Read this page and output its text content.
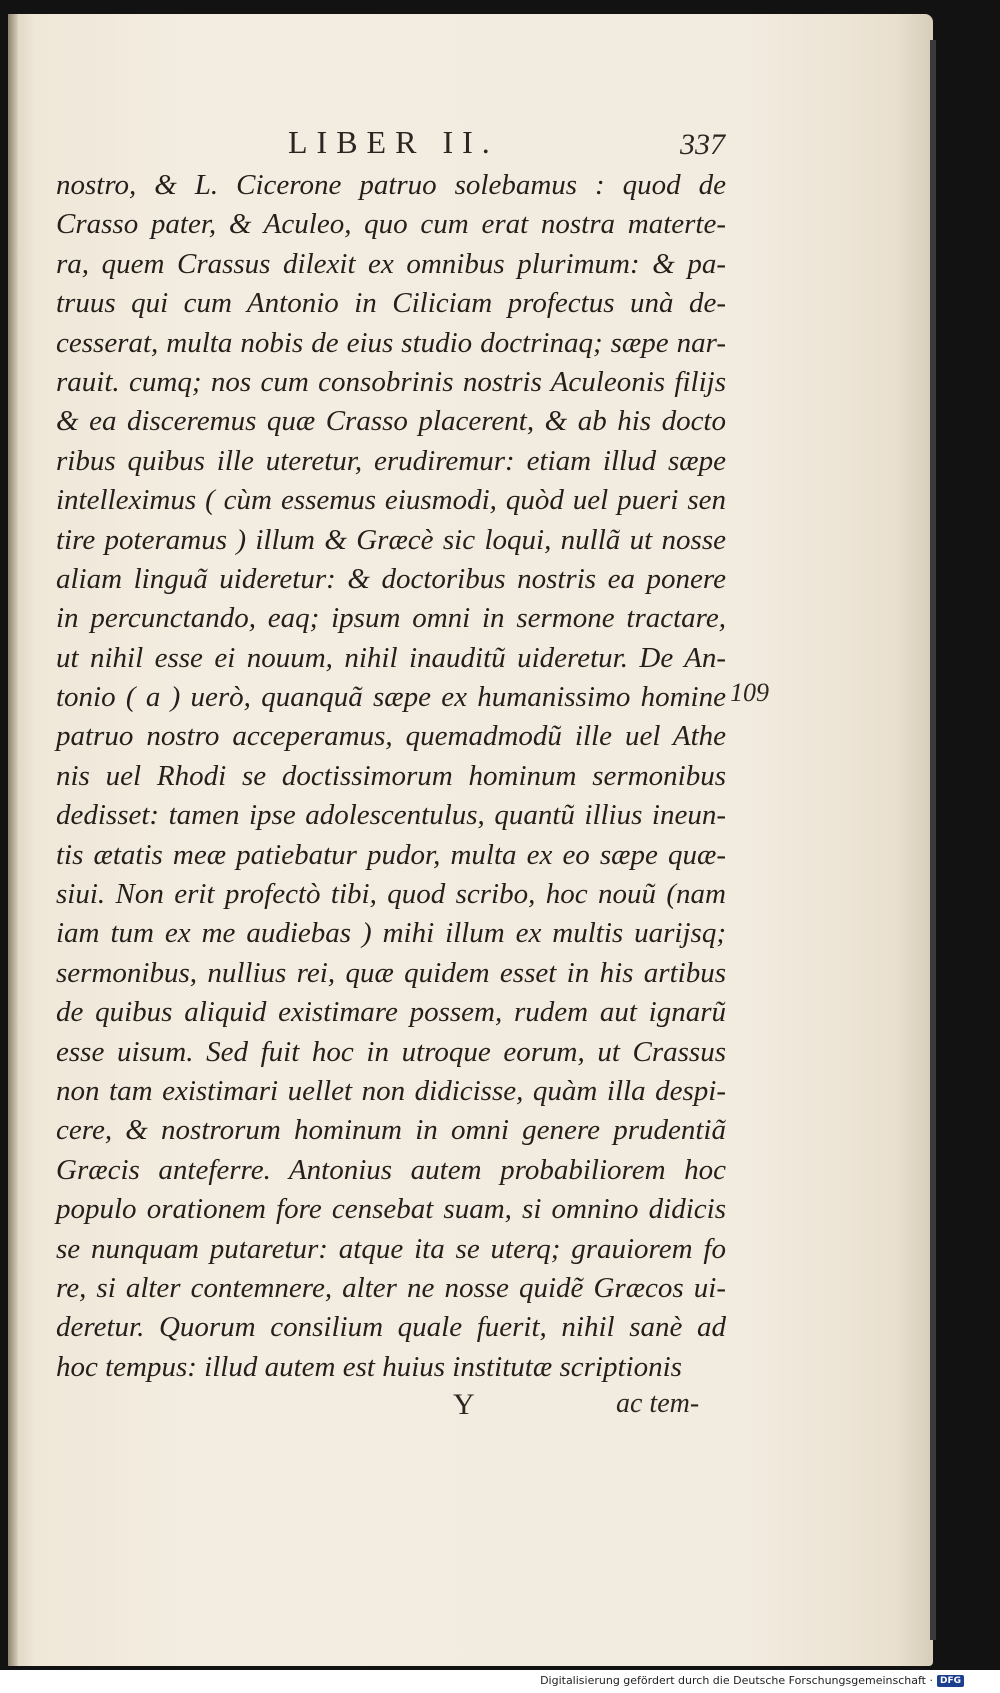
LIBER II.	337
nostro, & L. Cicerone patruo solebamus : quod de
Crasso pater, & Aculeo, quo cum erat nostra materte-
ra, quem Crassus dilexit ex omnibus plurimum: & pa-
truus qui cum Antonio in Ciliciam profectus unà de-
cesserat, multa nobis de eius studio doctrinaq; sæpe nar-
rauit. cumq; nos cum consobrinis nostris Aculeonis filijs
& ea disceremus quæ Crasso placerent, & ab his docto
ribus quibus ille uteretur, erudiremur: etiam illud sæpe
intelleximus ( cùm essemus eiusmodi, quòd uel pueri sen
tire poteramus ) illum & Græcè sic loqui, nullã ut nosse
aliam linguã uideretur: & doctoribus nostris ea ponere
in percunctando, eaq; ipsum omni in sermone tractare,
ut nihil esse ei nouum, nihil inauditũ uideretur. De An-
tonio ( a ) uerò, quanquã sæpe ex humanissimo homine
patruo nostro acceperamus, quemadmodũ ille uel Athe
nis uel Rhodi se doctissimorum hominum sermonibus
dedisset: tamen ipse adolescentulus, quantũ illius ineun-
tis ætatis meæ patiebatur pudor, multa ex eo sæpe quæ-
siui. Non erit profectò tibi, quod scribo, hoc nouũ (nam
iam tum ex me audiebas ) mihi illum ex multis uarijsq;
sermonibus, nullius rei, quæ quidem esset in his artibus
de quibus aliquid existimare possem, rudem aut ignarũ
esse uisum. Sed fuit hoc in utroque eorum, ut Crassus
non tam existimari uellet non didicisse, quàm illa despi-
cere, & nostrorum hominum in omni genere prudentiã
Græcis anteferre. Antonius autem probabiliorem hoc
populo orationem fore censebat suam, si omnino didicis
se nunquam putaretur: atque ita se uterq; grauiorem fo
re, si alter contemnere, alter ne nosse quidẽ Græcos ui-
deretur. Quorum consilium quale fuerit, nihil sanè ad
hoc tempus: illud autem est huius institutæ scriptionis
109
Y	ac tem-
Digitalisierung gefördert durch die Deutsche Forschungsgemeinschaft · DFG
